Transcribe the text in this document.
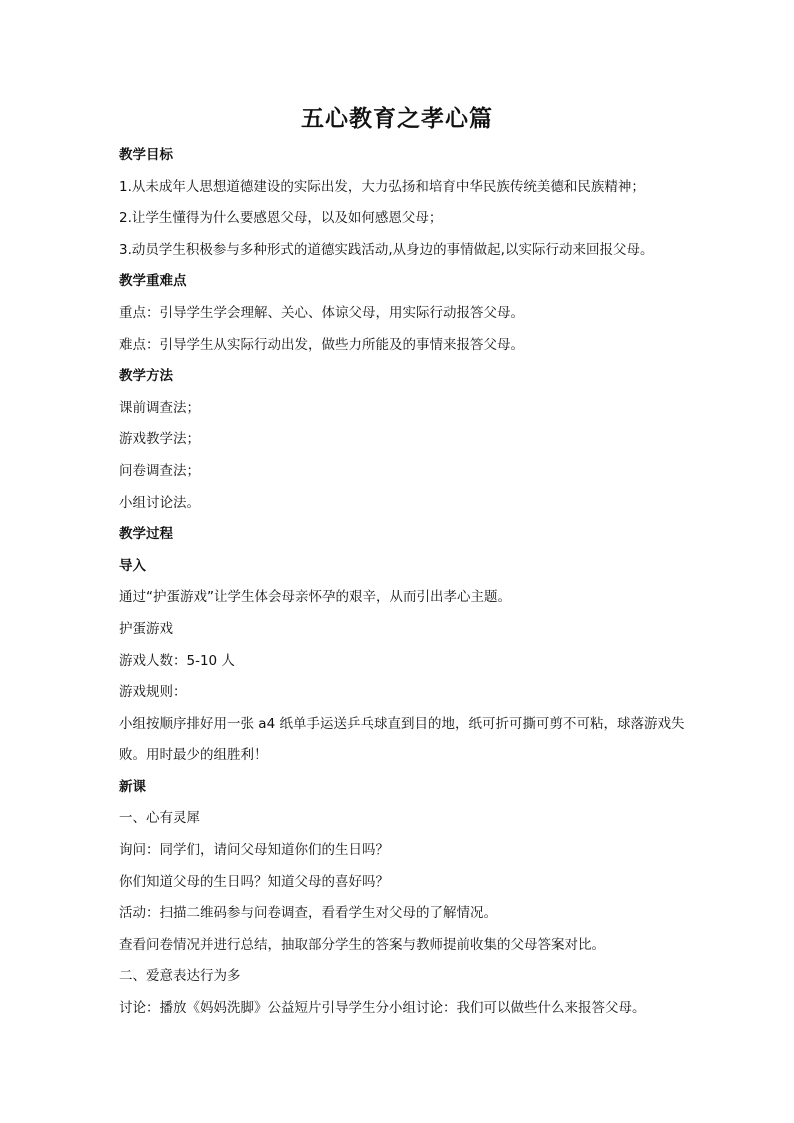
五心教育之孝心篇
教学目标
1.从未成年人思想道德建设的实际出发，大力弘扬和培育中华民族传统美德和民族精神；
2.让学生懂得为什么要感恩父母，以及如何感恩父母；
3.动员学生积极参与多种形式的道德实践活动,从身边的事情做起,以实际行动来回报父母。
教学重难点
重点：引导学生学会理解、关心、体谅父母，用实际行动报答父母。
难点：引导学生从实际行动出发，做些力所能及的事情来报答父母。
教学方法
课前调查法；
游戏教学法；
问卷调查法；
小组讨论法。
教学过程
导入
通过“护蛋游戏”让学生体会母亲怀孕的艰辛，从而引出孝心主题。
护蛋游戏
游戏人数：5-10 人
游戏规则：
小组按顺序排好用一张 a4 纸单手运送乒乓球直到目的地，纸可折可撕可剪不可粘，球落游戏失败。用时最少的组胜利！
新课
一、心有灵犀
询问：同学们，请问父母知道你们的生日吗？
你们知道父母的生日吗？知道父母的喜好吗？
活动：扫描二维码参与问卷调查，看看学生对父母的了解情况。
查看问卷情况并进行总结，抽取部分学生的答案与教师提前收集的父母答案对比。
二、爱意表达行为多
讨论：播放《妈妈洗脚》公益短片引导学生分小组讨论：我们可以做些什么来报答父母。
